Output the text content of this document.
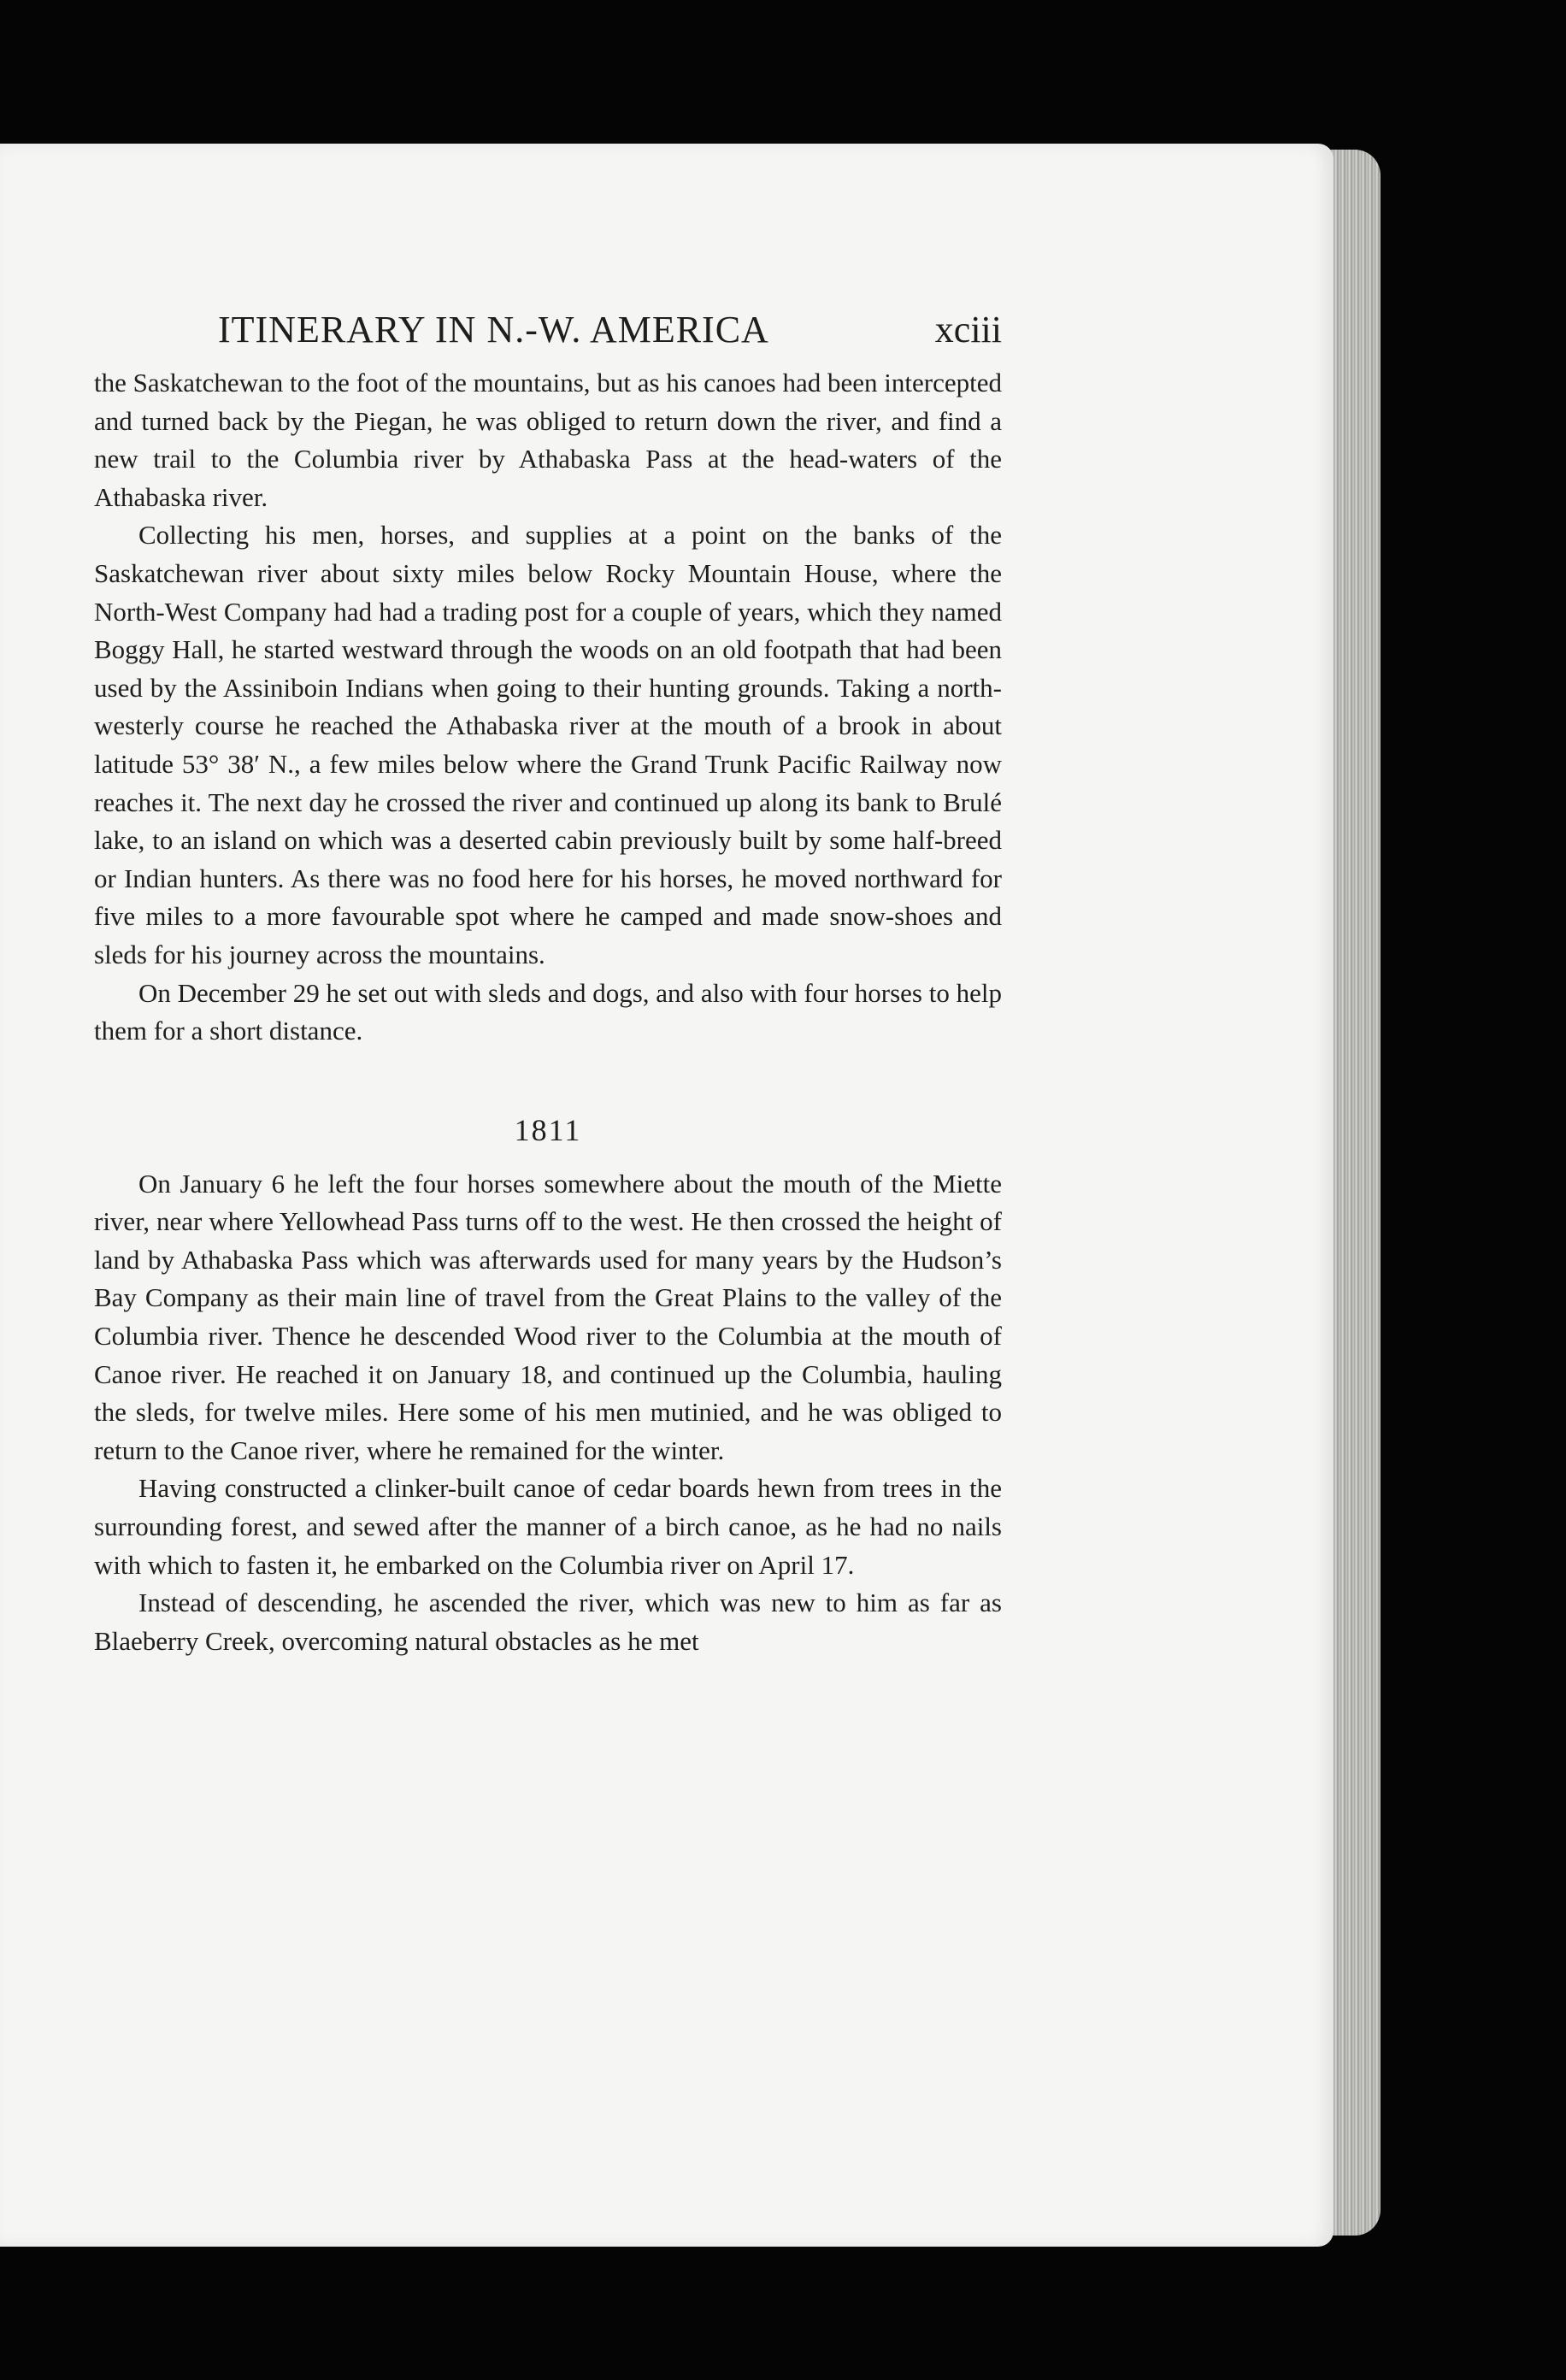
ITINERARY IN N.-W. AMERICA	xciii

the Saskatchewan to the foot of the mountains, but as his canoes had been intercepted and turned back by the Piegan, he was obliged to return down the river, and find a new trail to the Columbia river by Athabaska Pass at the head-waters of the Athabaska river.

Collecting his men, horses, and supplies at a point on the banks of the Saskatchewan river about sixty miles below Rocky Mountain House, where the North-West Company had had a trading post for a couple of years, which they named Boggy Hall, he started westward through the woods on an old footpath that had been used by the Assiniboin Indians when going to their hunting grounds. Taking a north-westerly course he reached the Athabaska river at the mouth of a brook in about latitude 53° 38′ N., a few miles below where the Grand Trunk Pacific Railway now reaches it. The next day he crossed the river and continued up along its bank to Brulé lake, to an island on which was a deserted cabin previously built by some half-breed or Indian hunters. As there was no food here for his horses, he moved northward for five miles to a more favourable spot where he camped and made snow-shoes and sleds for his journey across the mountains.

On December 29 he set out with sleds and dogs, and also with four horses to help them for a short distance.

1811

On January 6 he left the four horses somewhere about the mouth of the Miette river, near where Yellowhead Pass turns off to the west. He then crossed the height of land by Athabaska Pass which was afterwards used for many years by the Hudson’s Bay Company as their main line of travel from the Great Plains to the valley of the Columbia river. Thence he descended Wood river to the Columbia at the mouth of Canoe river. He reached it on January 18, and continued up the Columbia, hauling the sleds, for twelve miles. Here some of his men mutinied, and he was obliged to return to the Canoe river, where he remained for the winter.

Having constructed a clinker-built canoe of cedar boards hewn from trees in the surrounding forest, and sewed after the manner of a birch canoe, as he had no nails with which to fasten it, he embarked on the Columbia river on April 17.

Instead of descending, he ascended the river, which was new to him as far as Blaeberry Creek, overcoming natural obstacles as he met
